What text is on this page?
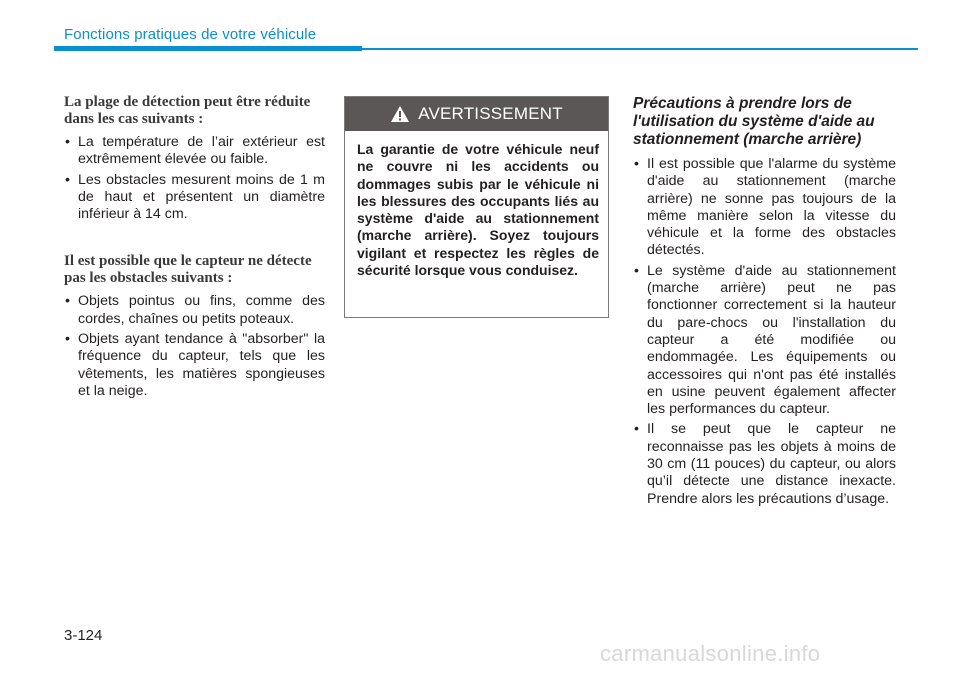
Fonctions pratiques de votre véhicule
La plage de détection peut être réduite dans les cas suivants :
• La température de l’air extérieur est extrêmement élevée ou faible.
• Les obstacles mesurent moins de 1 m de haut et présentent un diamètre inférieur à 14 cm.
Il est possible que le capteur ne détecte pas les obstacles suivants :
• Objets pointus ou fins, comme des cordes, chaînes ou petits poteaux.
• Objets ayant tendance à "absorber" la fréquence du capteur, tels que les vêtements, les matières spongieuses et la neige.
AVERTISSEMENT
La garantie de votre véhicule neuf ne couvre ni les accidents ou dommages subis par le véhicule ni les blessures des occupants liés au système d'aide au stationnement (marche arrière). Soyez toujours vigilant et respectez les règles de sécurité lorsque vous conduisez.
Précautions à prendre lors de l'utilisation du système d'aide au stationnement (marche arrière)
• Il est possible que l'alarme du système d'aide au stationnement (marche arrière) ne sonne pas toujours de la même manière selon la vitesse du véhicule et la forme des obstacles détectés.
• Le système d'aide au stationnement (marche arrière) peut ne pas fonctionner correctement si la hauteur du pare-chocs ou l'installation du capteur a été modifiée ou endommagée. Les équipements ou accessoires qui n'ont pas été installés en usine peuvent également affecter les performances du capteur.
• Il se peut que le capteur ne reconnaisse pas les objets à moins de 30 cm (11 pouces) du capteur, ou alors qu’il détecte une distance inexacte. Prendre alors les précautions d’usage.
3-124
carmanualsonline.info
